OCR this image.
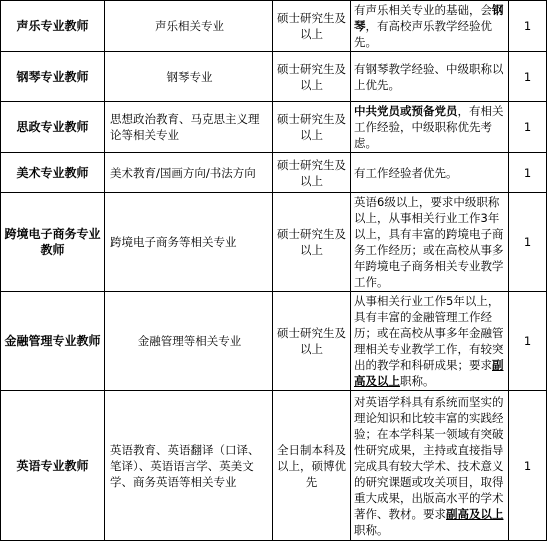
声乐专业教师	声乐相关专业	硕士研究生及以上	有声乐相关专业的基础，会钢琴，有高校声乐教学经验优先。	1
钢琴专业教师	钢琴专业	硕士研究生及以上	有钢琴教学经验、中级职称以上优先。	1
思政专业教师	思想政治教育、马克思主义理论等相关专业	硕士研究生及以上	中共党员或预备党员，有相关工作经验，中级职称优先考虑。	1
美术专业教师	美术教育/国画方向/书法方向	硕士研究生及以上	有工作经验者优先。	1
跨境电子商务专业教师	跨境电子商务等相关专业	硕士研究生及以上	英语6级以上，要求中级职称以上，从事相关行业工作3年以上，具有丰富的跨境电子商务工作经历；或在高校从事多年跨境电子商务相关专业教学工作。	1
金融管理专业教师	金融管理等相关专业	硕士研究生及以上	从事相关行业工作5年以上，具有丰富的金融管理工作经历；或在高校从事多年金融管理相关专业教学工作，有较突出的教学和科研成果；要求副高及以上职称。	1
英语专业教师	英语教育、英语翻译（口译、笔译）、英语语言学、英美文学、商务英语等相关专业	全日制本科及以上，硕博优先	对英语学科具有系统而坚实的理论知识和比较丰富的实践经验；在本学科某一领域有突破性研究成果，主持或直接指导完成具有较大学术、技术意义的研究课题或攻关项目，取得重大成果，出版高水平的学术著作、教材。要求副高及以上职称。	1
